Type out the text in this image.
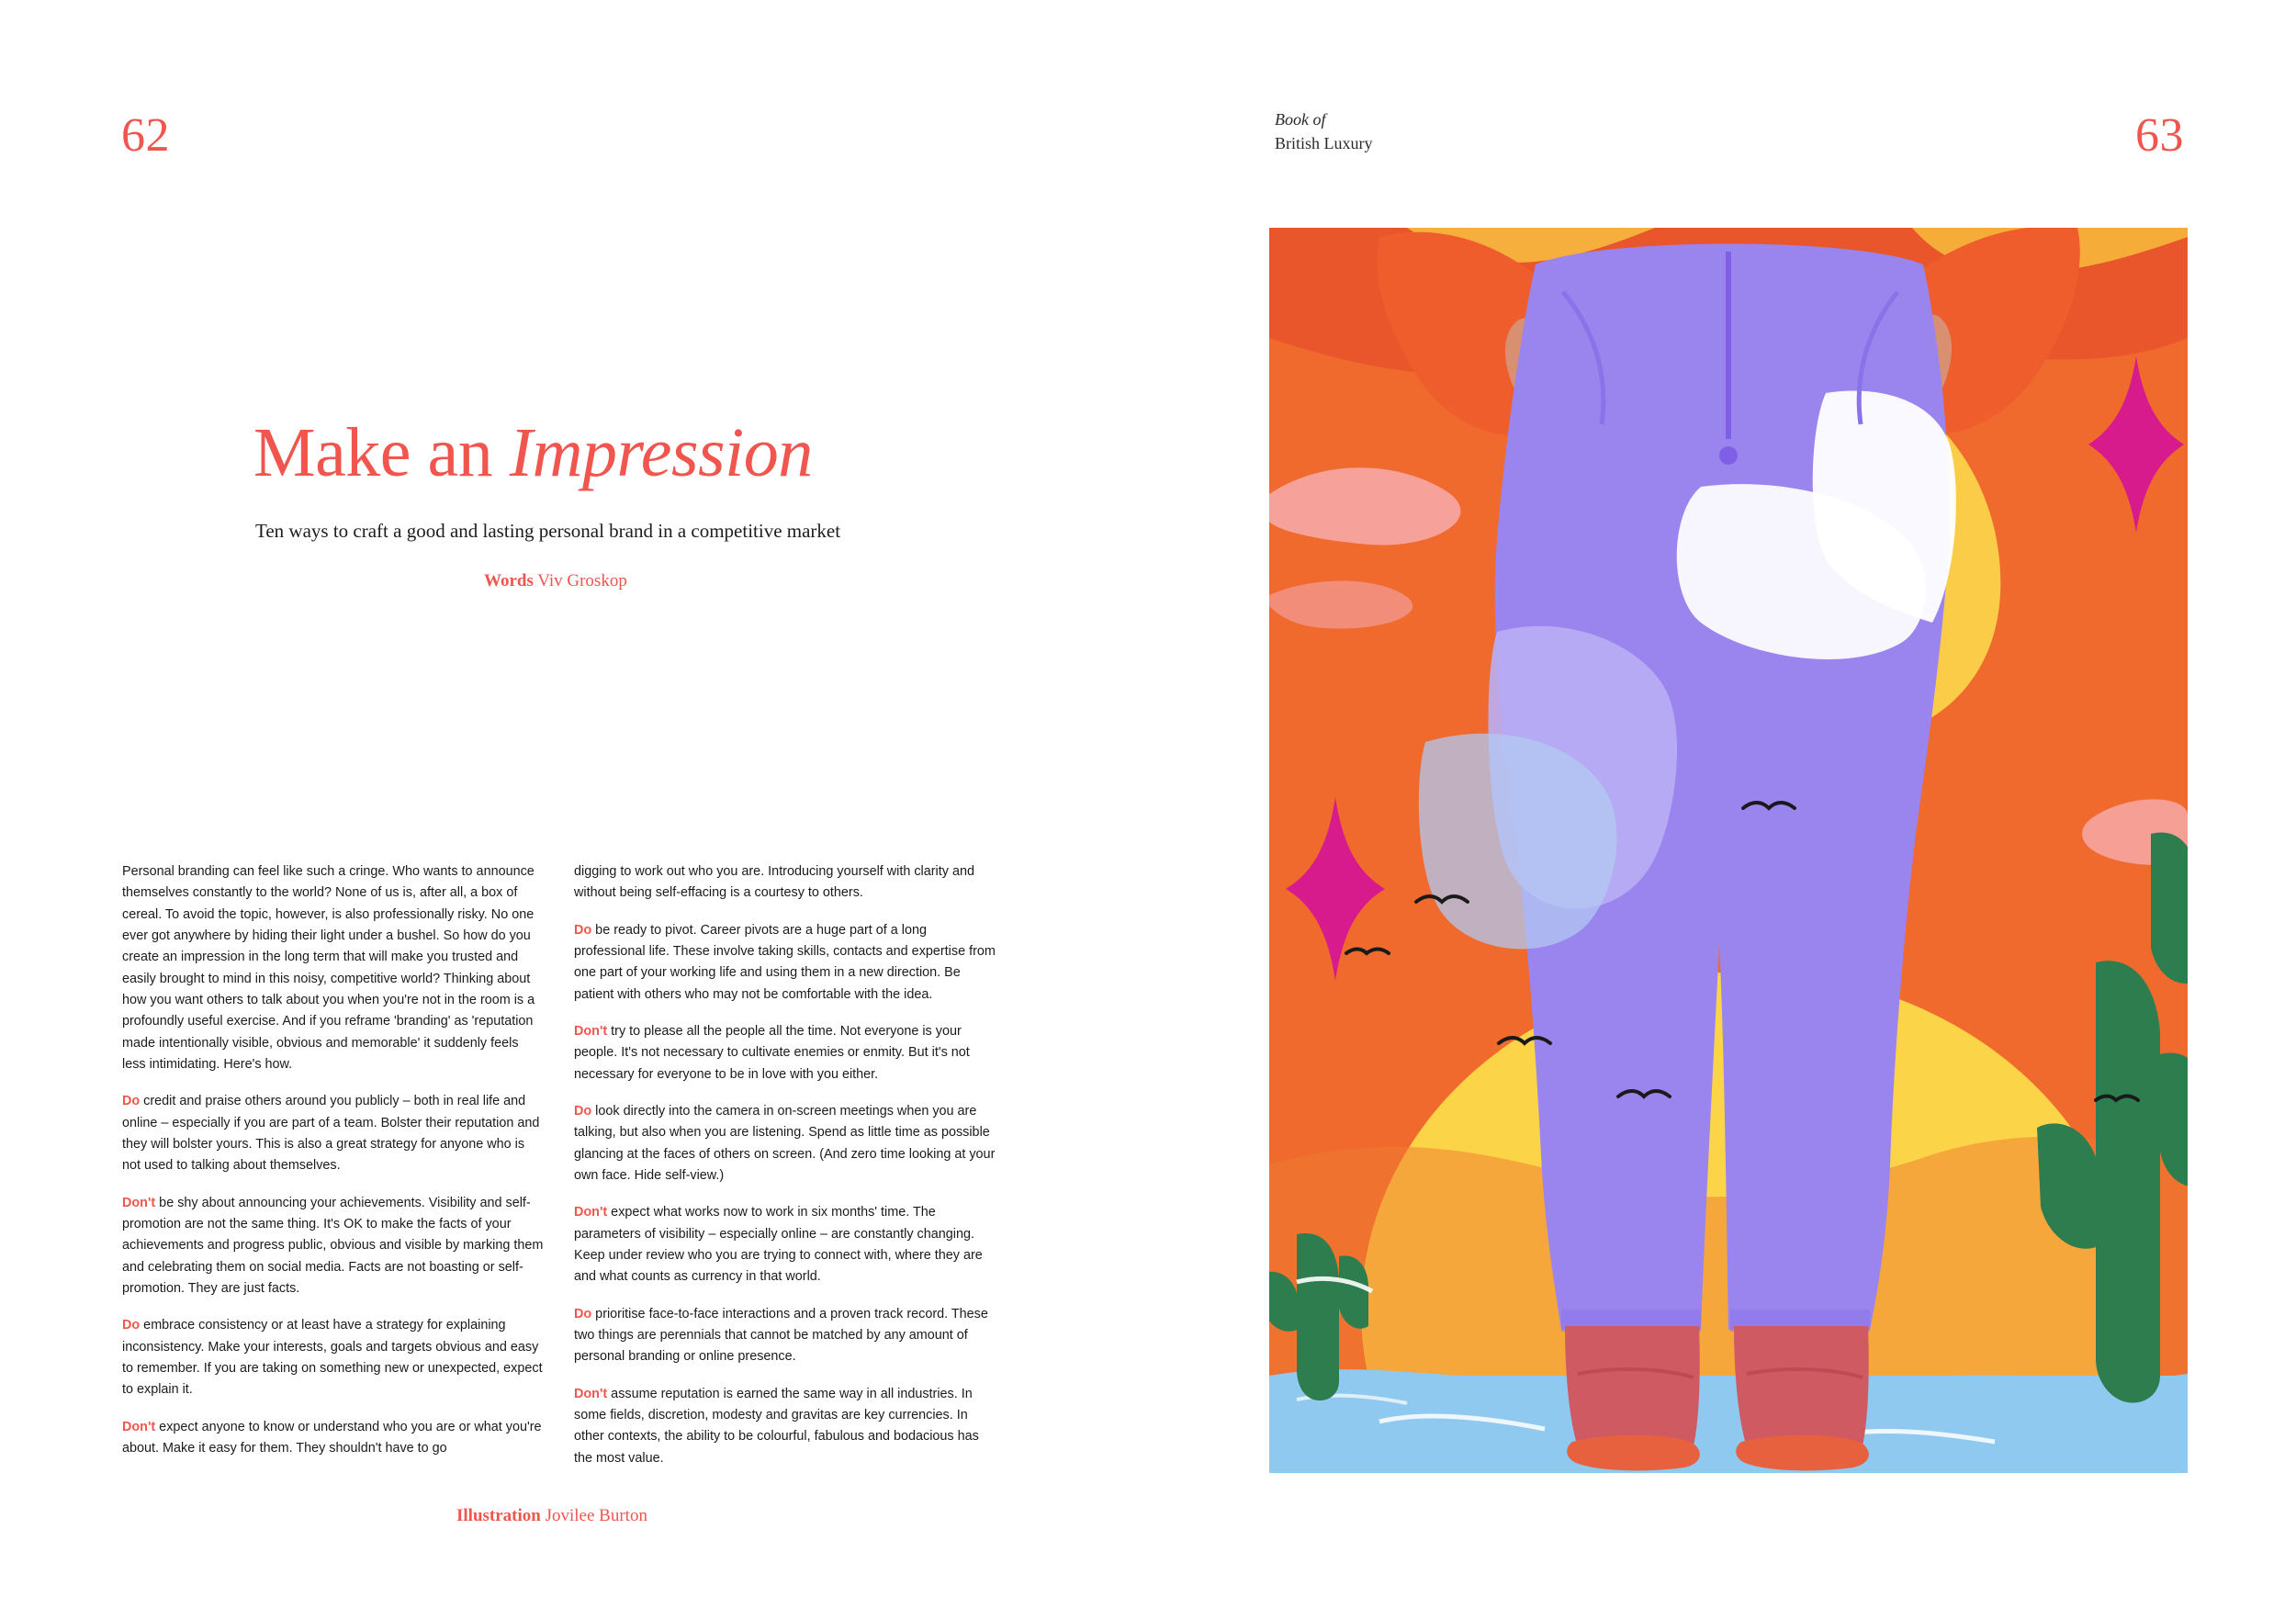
62	63
Book of
British Luxury
Make an Impression
Ten ways to craft a good and lasting personal brand in a competitive market
Words Viv Groskop

Personal branding can feel like such a cringe. Who wants to announce themselves constantly to the world? None of us is, after all, a box of cereal. To avoid the topic, however, is also professionally risky. No one ever got anywhere by hiding their light under a bushel. So how do you create an impression in the long term that will make you trusted and easily brought to mind in this noisy, competitive world? Thinking about how you want others to talk about you when you're not in the room is a profoundly useful exercise. And if you reframe 'branding' as 'reputation made intentionally visible, obvious and memorable' it suddenly feels less intimidating. Here's how.

Do credit and praise others around you publicly – both in real life and online – especially if you are part of a team. Bolster their reputation and they will bolster yours. This is also a great strategy for anyone who is not used to talking about themselves.

Don't be shy about announcing your achievements. Visibility and self-promotion are not the same thing. It's OK to make the facts of your achievements and progress public, obvious and visible by marking them and celebrating them on social media. Facts are not boasting or self-promotion. They are just facts.

Do embrace consistency or at least have a strategy for explaining inconsistency. Make your interests, goals and targets obvious and easy to remember. If you are taking on something new or unexpected, expect to explain it.

Don't expect anyone to know or understand who you are or what you're about. Make it easy for them. They shouldn't have to go

digging to work out who you are. Introducing yourself with clarity and without being self-effacing is a courtesy to others.

Do be ready to pivot. Career pivots are a huge part of a long professional life. These involve taking skills, contacts and expertise from one part of your working life and using them in a new direction. Be patient with others who may not be comfortable with the idea.

Don't try to please all the people all the time. Not everyone is your people. It's not necessary to cultivate enemies or enmity. But it's not necessary for everyone to be in love with you either.

Do look directly into the camera in on-screen meetings when you are talking, but also when you are listening. Spend as little time as possible glancing at the faces of others on screen. (And zero time looking at your own face. Hide self-view.)

Don't expect what works now to work in six months' time. The parameters of visibility – especially online – are constantly changing. Keep under review who you are trying to connect with, where they are and what counts as currency in that world.

Do prioritise face-to-face interactions and a proven track record. These two things are perennials that cannot be matched by any amount of personal branding or online presence.

Don't assume reputation is earned the same way in all industries. In some fields, discretion, modesty and gravitas are key currencies. In other contexts, the ability to be colourful, fabulous and bodacious has the most value.

Illustration Jovilee Burton
